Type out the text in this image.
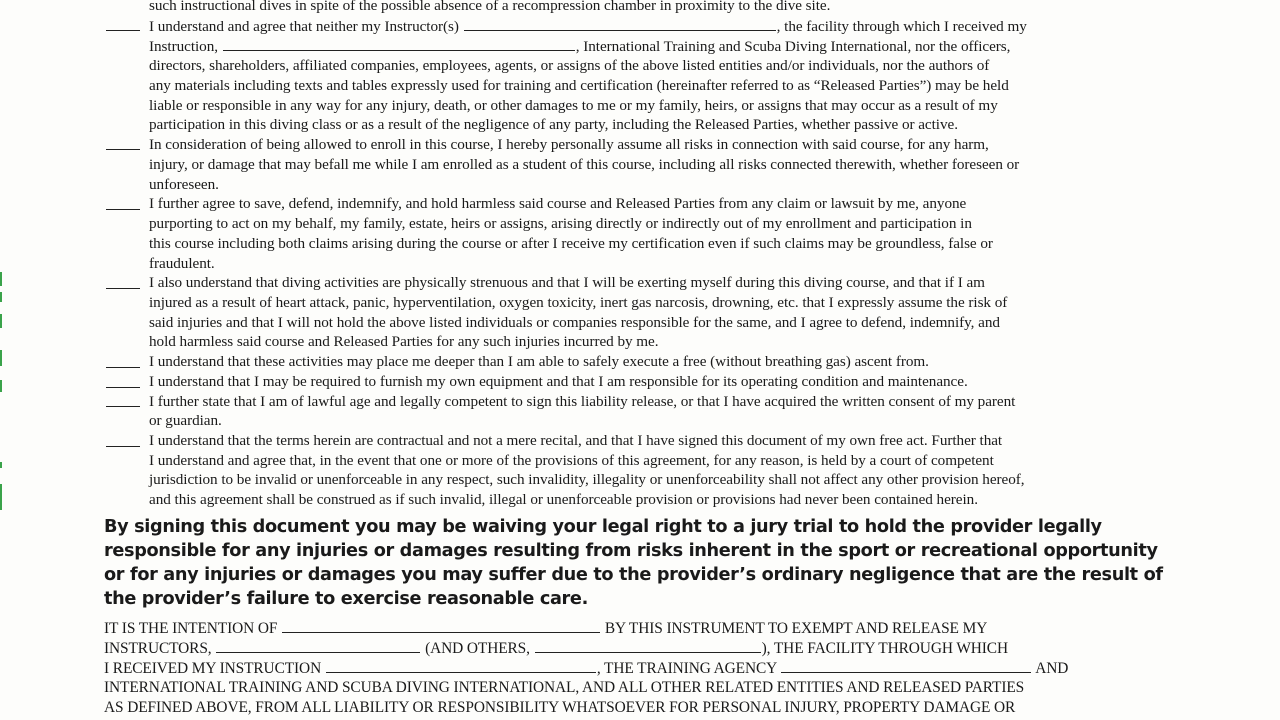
such instructional dives in spite of the possible absence of a recompression chamber in proximity to the dive site.
I understand and agree that neither my Instructor(s)	, the facility through which I received my
Instruction,	, International Training and Scuba Diving International, nor the officers,
directors, shareholders, affiliated companies, employees, agents, or assigns of the above listed entities and/or individuals, nor the authors of
any materials including texts and tables expressly used for training and certification (hereinafter referred to as “Released Parties”) may be held
liable or responsible in any way for any injury, death, or other damages to me or my family, heirs, or assigns that may occur as a result of my
participation in this diving class or as a result of the negligence of any party, including the Released Parties, whether passive or active.
In consideration of being allowed to enroll in this course, I hereby personally assume all risks in connection with said course, for any harm,
injury, or damage that may befall me while I am enrolled as a student of this course, including all risks connected therewith, whether foreseen or
unforeseen.
I further agree to save, defend, indemnify, and hold harmless said course and Released Parties from any claim or lawsuit by me, anyone
purporting to act on my behalf, my family, estate, heirs or assigns, arising directly or indirectly out of my enrollment and participation in
this course including both claims arising during the course or after I receive my certification even if such claims may be groundless, false or
fraudulent.
I also understand that diving activities are physically strenuous and that I will be exerting myself during this diving course, and that if I am
injured as a result of heart attack, panic, hyperventilation, oxygen toxicity, inert gas narcosis, drowning, etc. that I expressly assume the risk of
said injuries and that I will not hold the above listed individuals or companies responsible for the same, and I agree to defend, indemnify, and
hold harmless said course and Released Parties for any such injuries incurred by me.
I understand that these activities may place me deeper than I am able to safely execute a free (without breathing gas) ascent from.
I understand that I may be required to furnish my own equipment and that I am responsible for its operating condition and maintenance.
I further state that I am of lawful age and legally competent to sign this liability release, or that I have acquired the written consent of my parent
or guardian.
I understand that the terms herein are contractual and not a mere recital, and that I have signed this document of my own free act. Further that
I understand and agree that, in the event that one or more of the provisions of this agreement, for any reason, is held by a court of competent
jurisdiction to be invalid or unenforceable in any respect, such invalidity, illegality or unenforceability shall not affect any other provision hereof,
and this agreement shall be construed as if such invalid, illegal or unenforceable provision or provisions had never been contained herein.
By signing this document you may be waiving your legal right to a jury trial to hold the provider legally
responsible for any injuries or damages resulting from risks inherent in the sport or recreational opportunity
or for any injuries or damages you may suffer due to the provider’s ordinary negligence that are the result of
the provider’s failure to exercise reasonable care.
IT IS THE INTENTION OF	BY THIS INSTRUMENT TO EXEMPT AND RELEASE MY
INSTRUCTORS,	(AND OTHERS,	), THE FACILITY THROUGH WHICH
I RECEIVED MY INSTRUCTION	, THE TRAINING AGENCY	AND
INTERNATIONAL TRAINING AND SCUBA DIVING INTERNATIONAL, AND ALL OTHER RELATED ENTITIES AND RELEASED PARTIES
AS DEFINED ABOVE, FROM ALL LIABILITY OR RESPONSIBILITY WHATSOEVER FOR PERSONAL INJURY, PROPERTY DAMAGE OR
